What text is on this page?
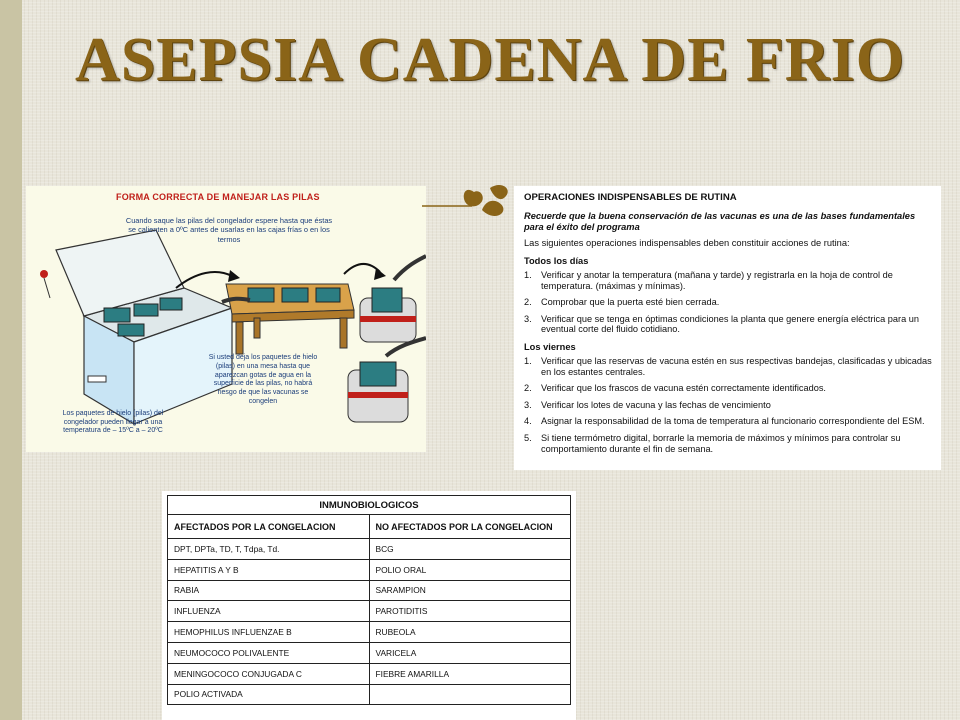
ASEPSIA CADENA DE FRIO
FORMA CORRECTA DE MANEJAR LAS PILAS
Cuando saque las pilas del congelador espere hasta que éstas se calienten a 0ºC antes de usarlas en las cajas frías o en los termos
Si usted deja los paquetes de hielo (pilas) en una mesa hasta que aparezcan gotas de agua en la superficie de las pilas, no habrá riesgo de que las vacunas se congelen
Los paquetes de hielo (pilas) del congelador pueden llegar a una temperatura de – 15ºC a – 20ºC
OPERACIONES INDISPENSABLES DE RUTINA
Recuerde que la buena conservación de las vacunas es una de las bases fundamentales para el éxito del programa
Las siguientes operaciones indispensables deben constituir acciones de rutina:
Todos los días
1.	Verificar y anotar la temperatura (mañana y tarde) y registrarla en la hoja de control de temperatura. (máximas y mínimas).
2.	Comprobar que la puerta esté bien cerrada.
3.	Verificar que se tenga en óptimas condiciones la planta que genere energía eléctrica para un eventual corte del fluido cotidiano.
Los viernes
1.	Verificar que las reservas de vacuna estén en sus respectivas bandejas, clasificadas y ubicadas en los estantes centrales.
2.	Verificar que los frascos de vacuna estén correctamente identificados.
3.	Verificar los lotes de vacuna y las fechas de vencimiento
4.	Asignar la responsabilidad de la toma de temperatura al funcionario correspondiente del ESM.
5.	Si tiene termómetro digital, borrarle la memoria de máximos y mínimos para controlar su comportamiento durante el fin de semana.
INMUNOBIOLOGICOS	
AFECTADOS POR LA CONGELACION	NO AFECTADOS POR LA CONGELACION
DPT, DPTa, TD, T, Tdpa, Td.	BCG
HEPATITIS A Y B	POLIO ORAL
RABIA	SARAMPION
INFLUENZA	PAROTIDITIS
HEMOPHILUS INFLUENZAE B	RUBEOLA
NEUMOCOCO POLIVALENTE	VARICELA
MENINGOCOCO CONJUGADA C	FIEBRE AMARILLA
POLIO ACTIVADA	
